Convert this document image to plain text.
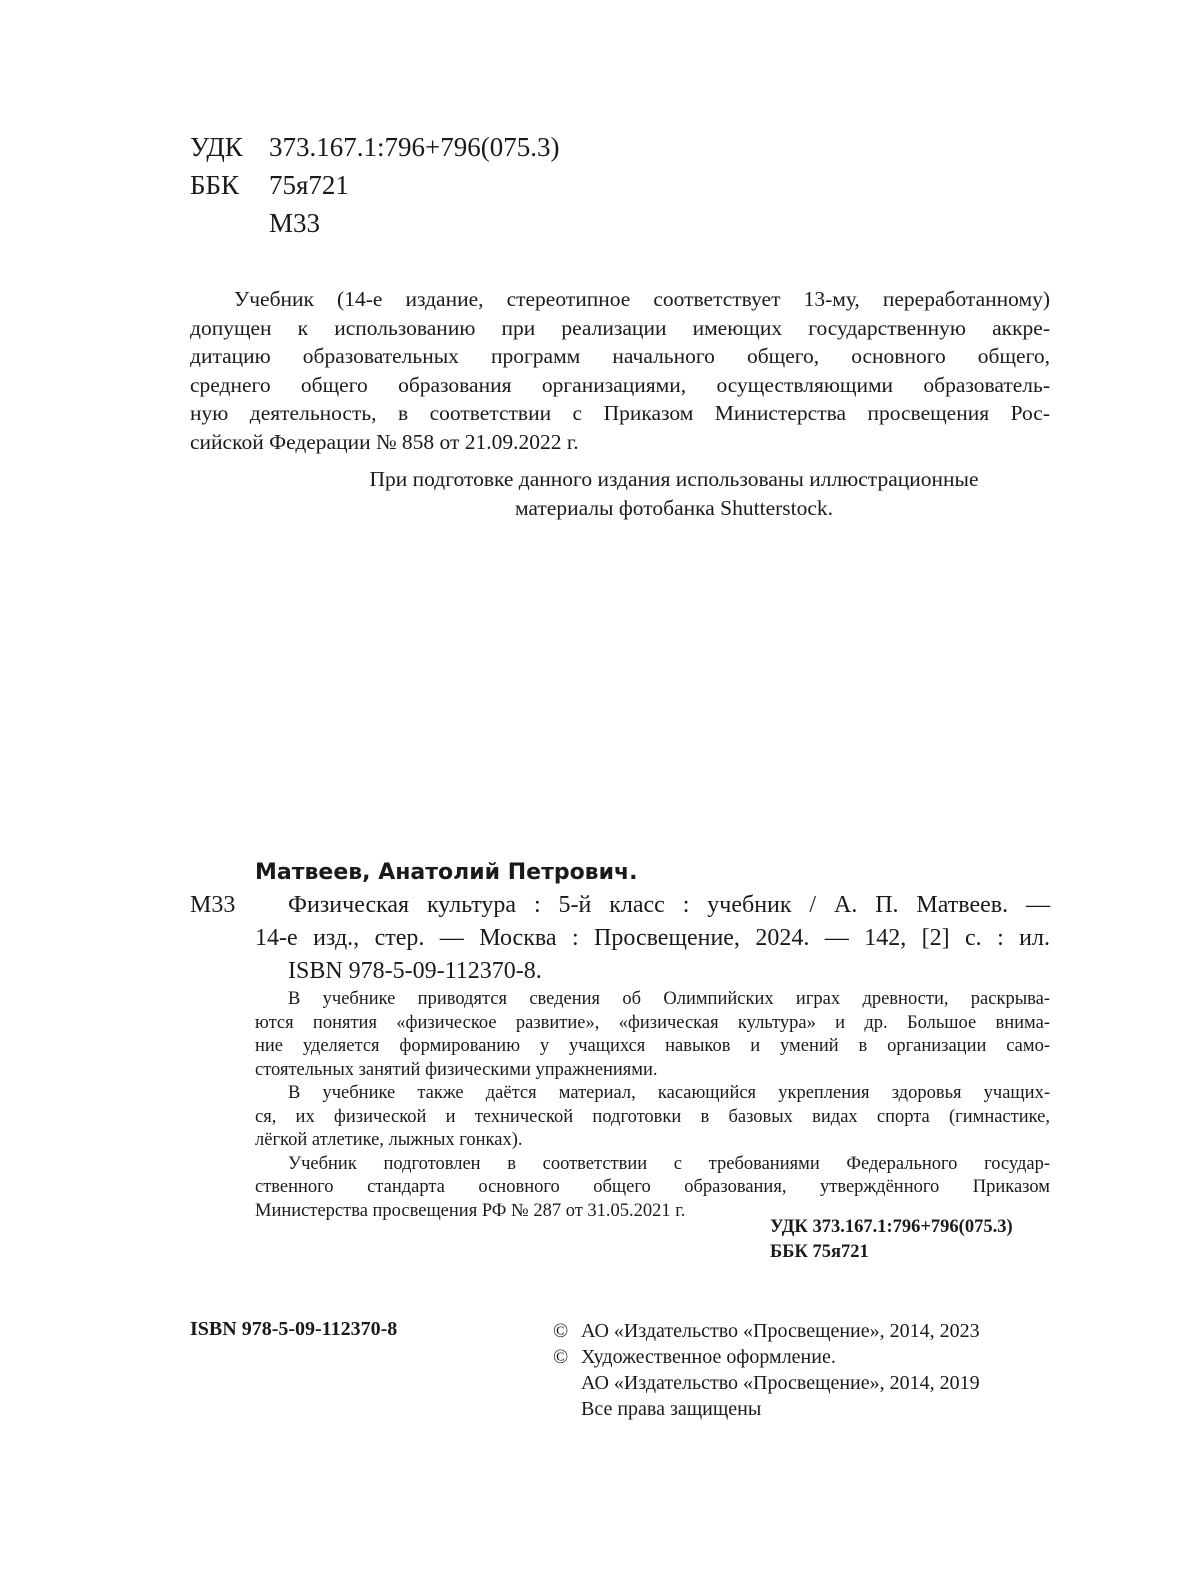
УДК 373.167.1:796+796(075.3)
ББК	75я721
М33
Учебник (14-е издание, стереотипное соответствует 13-му, переработанному)
допущен к использованию при реализации имеющих государственную аккре-
дитацию образовательных программ начального общего, основного общего,
среднего общего образования организациями, осуществляющими образователь-
ную деятельность, в соответствии с Приказом Министерства просвещения Рос-
сийской Федерации № 858 от 21.09.2022 г.
При подготовке данного издания использованы иллюстрационные
материалы фотобанка Shutterstock.
Матвеев, Анатолий Петрович.
М33	Физическая культура : 5-й класс : учебник / А. П. Матвеев. —
14-е изд., стер. — Москва : Просвещение, 2024. — 142, [2] с. : ил.
ISBN 978-5-09-112370-8.
В учебнике приводятся сведения об Олимпийских играх древности, раскрыва-
ются понятия «физическое развитие», «физическая культура» и др. Большое внима-
ние уделяется формированию у учащихся навыков и умений в организации само-
стоятельных занятий физическими упражнениями.
В учебнике также даётся материал, касающийся укрепления здоровья учащих-
ся, их физической и технической подготовки в базовых видах спорта (гимнастике,
лёгкой атлетике, лыжных гонках).
Учебник подготовлен в соответствии с требованиями Федерального государ-
ственного стандарта основного общего образования, утверждённого Приказом
Министерства просвещения РФ № 287 от 31.05.2021 г.
УДК 373.167.1:796+796(075.3)
ББК 75я721
ISBN 978-5-09-112370-8	© АО «Издательство «Просвещение», 2014, 2023
© Художественное оформление.
АО «Издательство «Просвещение», 2014, 2019
Все права защищены
